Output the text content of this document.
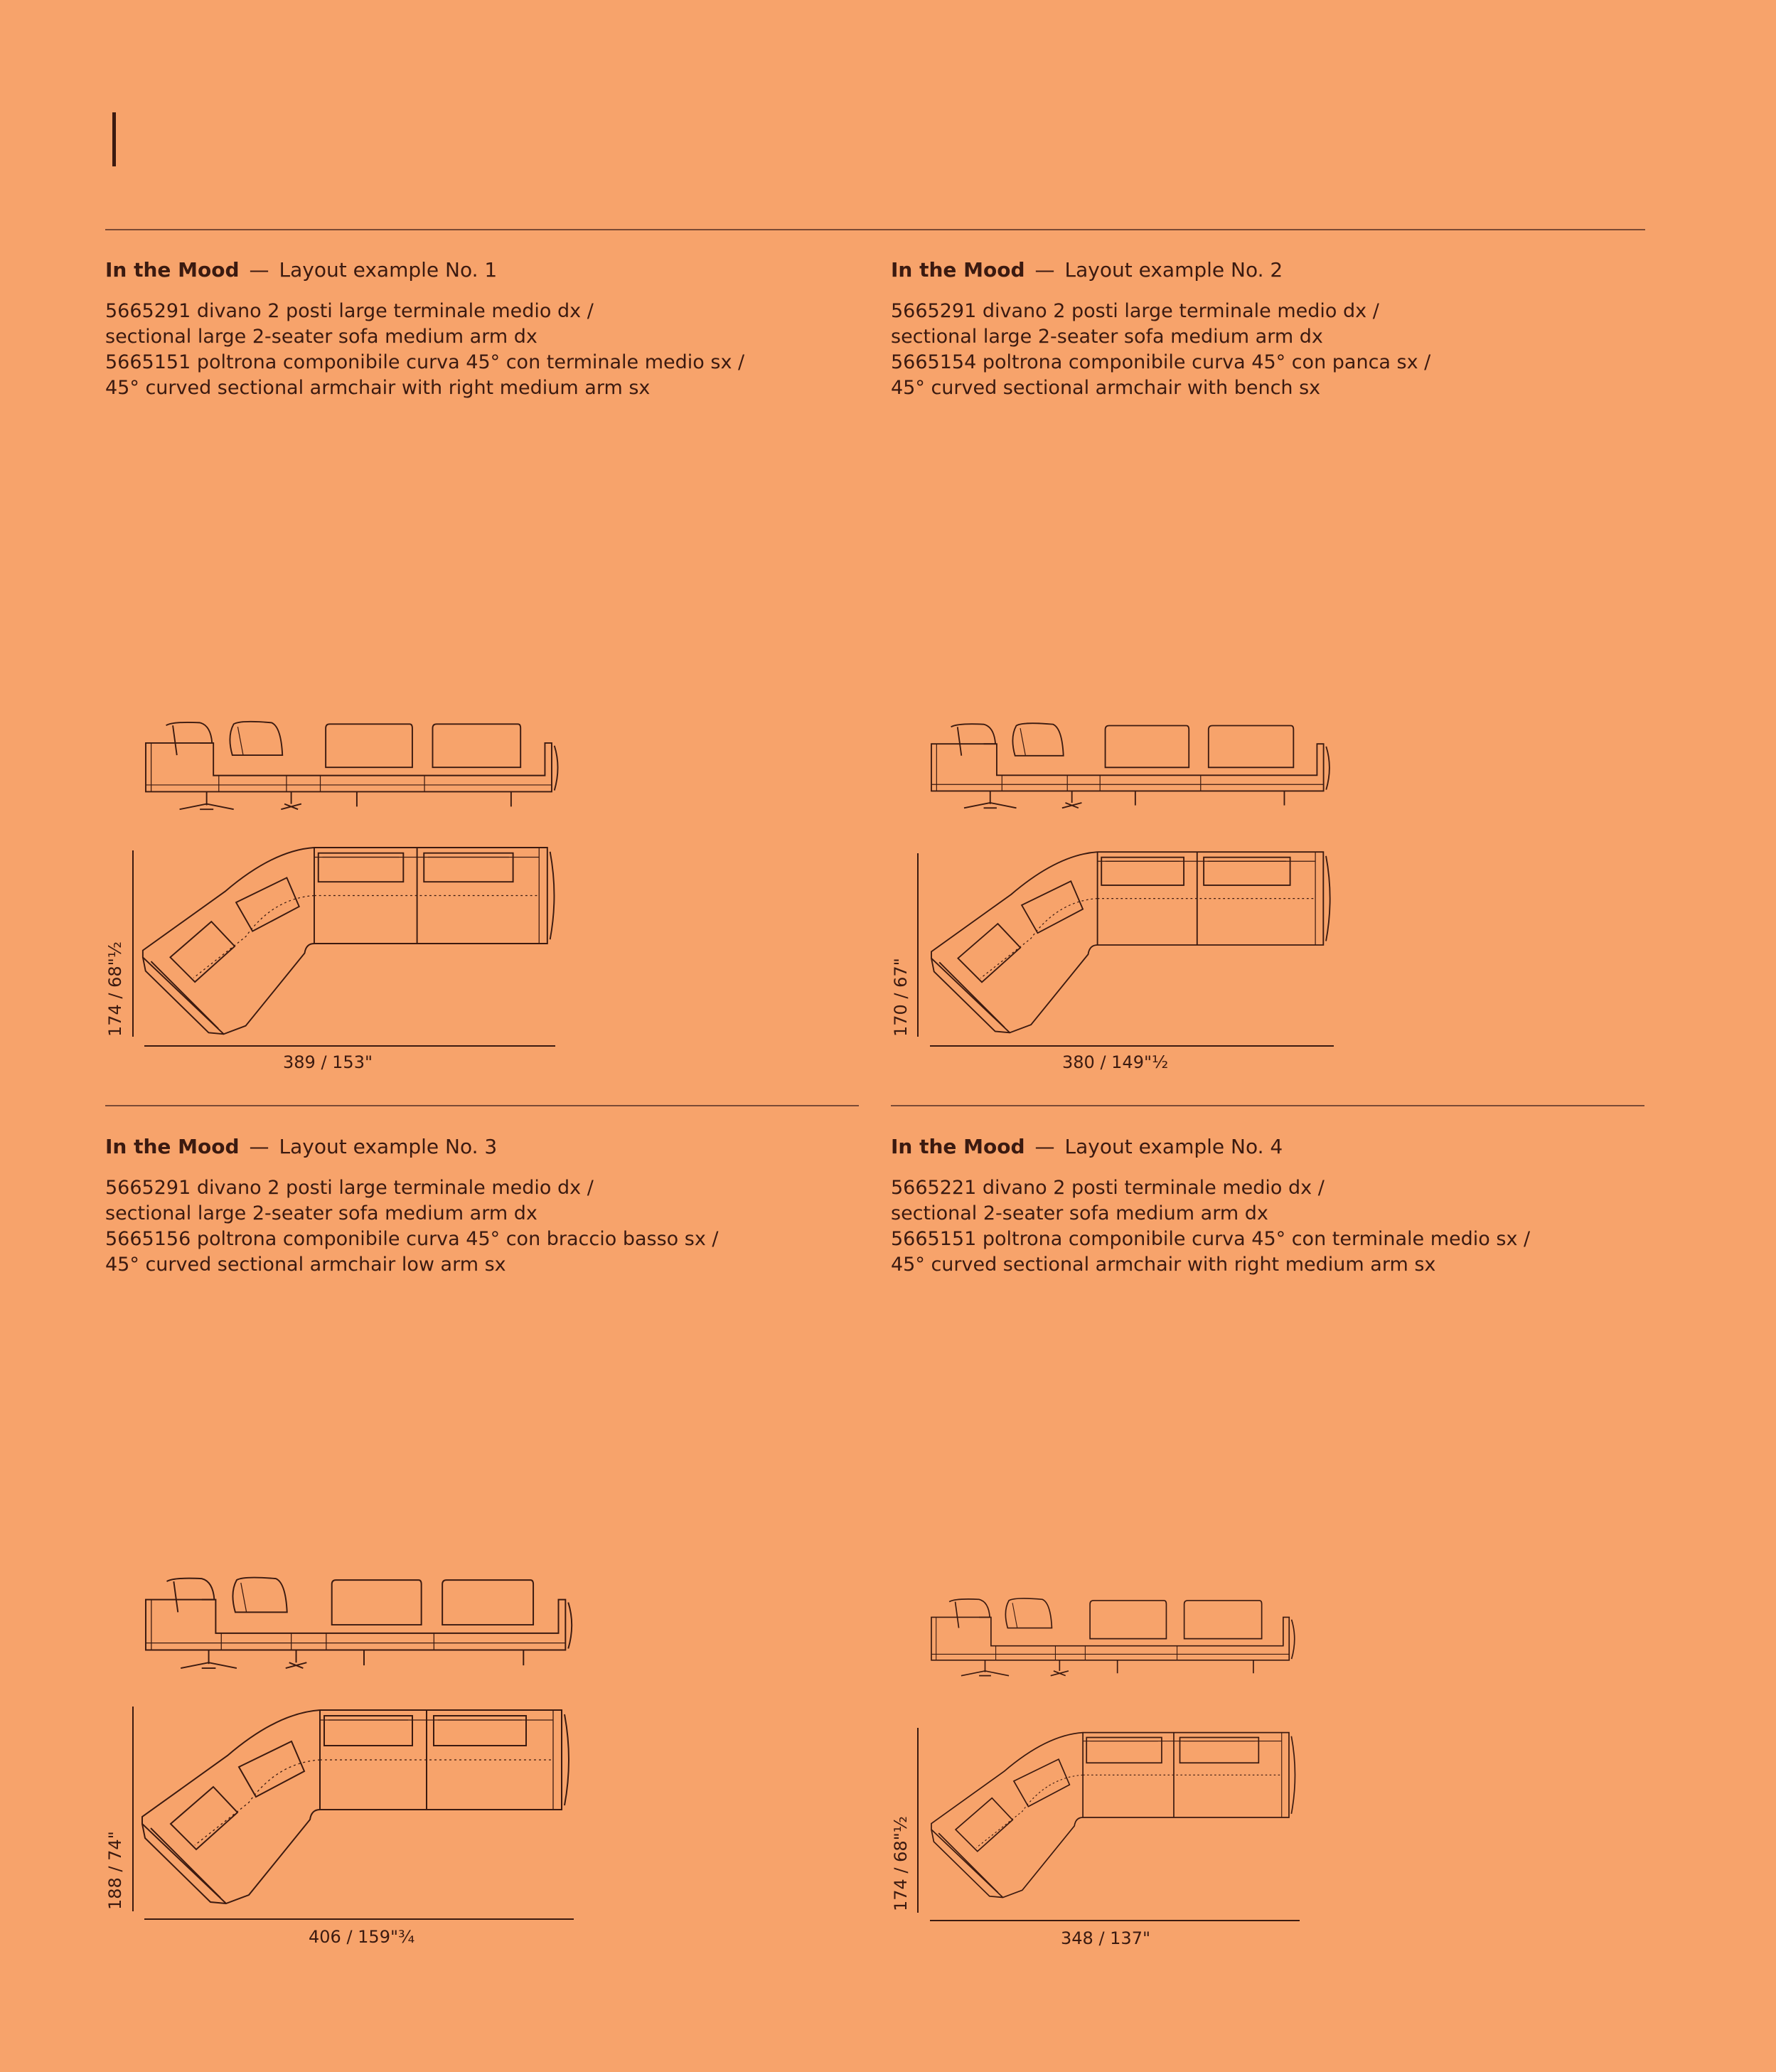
In the Mood — Layout example No. 1
5665291 divano 2 posti large terminale medio dx /
sectional large 2-seater sofa medium arm dx
5665151 poltrona componibile curva 45° con terminale medio sx /
45° curved sectional armchair with right medium arm sx
In the Mood — Layout example No. 2
5665291 divano 2 posti large terminale medio dx /
sectional large 2-seater sofa medium arm dx
5665154 poltrona componibile curva 45° con panca sx /
45° curved sectional armchair with bench sx
In the Mood — Layout example No. 3
5665291 divano 2 posti large terminale medio dx /
sectional large 2-seater sofa medium arm dx
5665156 poltrona componibile curva 45° con braccio basso sx /
45° curved sectional armchair low arm sx
In the Mood — Layout example No. 4
5665221 divano 2 posti terminale medio dx /
sectional 2-seater sofa medium arm dx
5665151 poltrona componibile curva 45° con terminale medio sx /
45° curved sectional armchair with right medium arm sx
389 / 153"
174 / 68"½
380 / 149"½
170 / 67"
406 / 159"¾
188 / 74"
348 / 137"
174 / 68"½
